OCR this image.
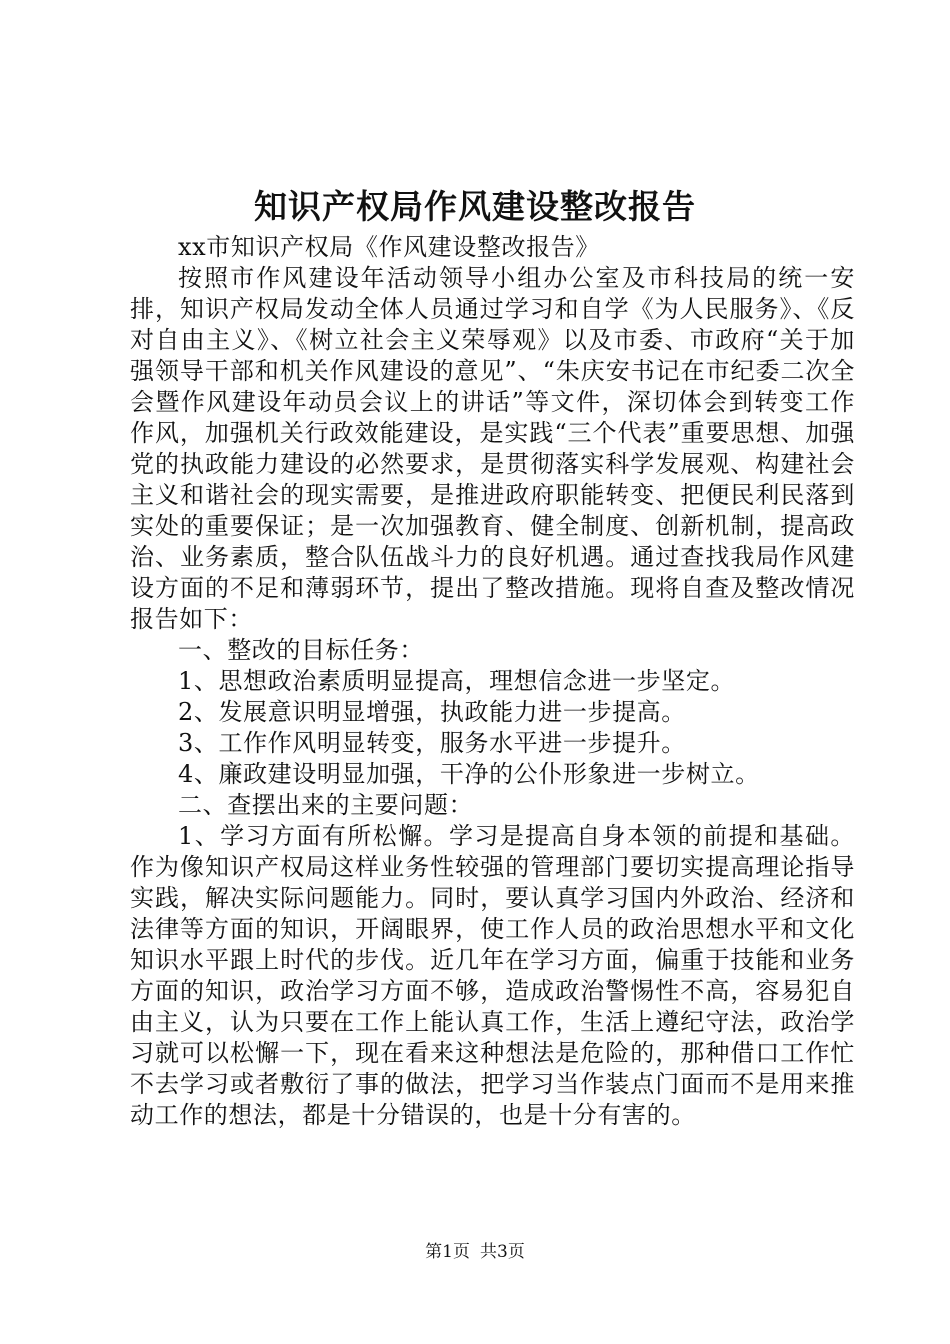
知识产权局作风建设整改报告

xx市知识产权局《作风建设整改报告》

按照市作风建设年活动领导小组办公室及市科技局的统一安排，知识产权局发动全体人员通过学习和自学《为人民服务》、《反对自由主义》、《树立社会主义荣辱观》以及市委、市政府“关于加强领导干部和机关作风建设的意见”、“朱庆安书记在市纪委二次全会暨作风建设年动员会议上的讲话”等文件，深切体会到转变工作作风，加强机关行政效能建设，是实践“三个代表”重要思想、加强党的执政能力建设的必然要求，是贯彻落实科学发展观、构建社会主义和谐社会的现实需要，是推进政府职能转变、把便民利民落到实处的重要保证；是一次加强教育、健全制度、创新机制，提高政治、业务素质，整合队伍战斗力的良好机遇。通过查找我局作风建设方面的不足和薄弱环节，提出了整改措施。现将自查及整改情况报告如下：

一、整改的目标任务：

1、思想政治素质明显提高，理想信念进一步坚定。

2、发展意识明显增强，执政能力进一步提高。

3、工作作风明显转变，服务水平进一步提升。

4、廉政建设明显加强，干净的公仆形象进一步树立。

二、查摆出来的主要问题：

1、学习方面有所松懈。学习是提高自身本领的前提和基础。作为像知识产权局这样业务性较强的管理部门要切实提高理论指导实践，解决实际问题能力。同时，要认真学习国内外政治、经济和法律等方面的知识，开阔眼界，使工作人员的政治思想水平和文化知识水平跟上时代的步伐。近几年在学习方面，偏重于技能和业务方面的知识，政治学习方面不够，造成政治警惕性不高，容易犯自由主义，认为只要在工作上能认真工作，生活上遵纪守法，政治学习就可以松懈一下，现在看来这种想法是危险的，那种借口工作忙不去学习或者敷衍了事的做法，把学习当作装点门面而不是用来推动工作的想法，都是十分错误的，也是十分有害的。

第1页 共3页
